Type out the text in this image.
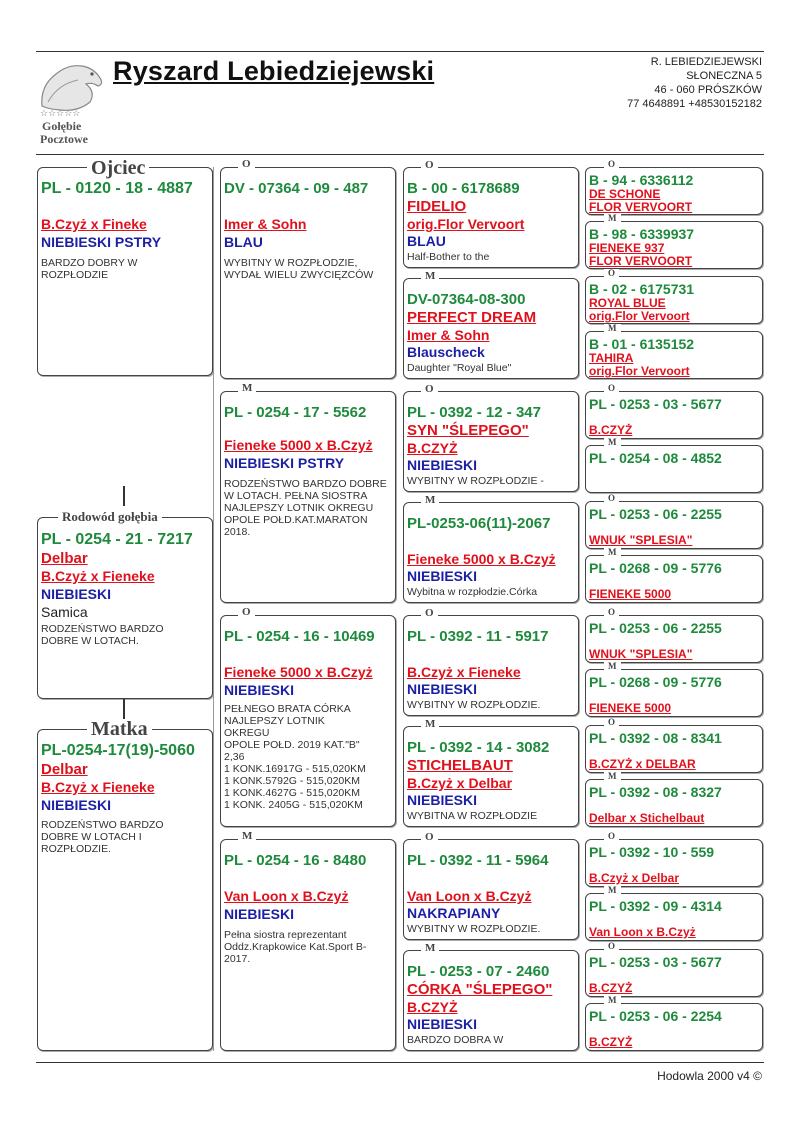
☆☆☆☆☆
Gołębie
Pocztowe
Ryszard Lebiedziejewski	R. LEBIEDZIEJEWSKI
SŁONECZNA 5
46 - 060 PRÓSZKÓW
77 4648891 +48530152182
PL - 0120 - 18 - 4887
B.Czyż x Fineke
NIEBIESKI PSTRY
BARDZO DOBRY W ROZPŁODZIE
Ojciec
PL - 0254 - 21 - 7217
Delbar
B.Czyż x Fieneke
NIEBIESKI
Samica
RODZEŃSTWO BARDZO DOBRE W LOTACH.
Rodowód gołębia
PL-0254-17(19)-5060
Delbar
B.Czyż x Fieneke
NIEBIESKI
RODZEŃSTWO BARDZO DOBRE W LOTACH I ROZPŁODZIE.
Matka
DV - 07364 - 09 - 487
Imer & Sohn
BLAU
WYBITNY W ROZPŁODZIE, WYDAŁ WIELU ZWYCIĘZCÓW
O
PL - 0254 - 17 - 5562
Fieneke 5000 x B.Czyż
NIEBIESKI PSTRY
RODZEŃSTWO BARDZO DOBRE W LOTACH. PEŁNA SIOSTRA NAJLEPSZY LOTNIK OKREGU OPOLE POŁD.KAT.MARATON 2018.
M
PL - 0254 - 16 - 10469
Fieneke 5000 x B.Czyż
NIEBIESKI
PEŁNEGO BRATA CÓRKA
NAJLEPSZY LOTNIK
OKREGU
OPOLE POŁD. 2019 KAT."B"
2,36
1 KONK.16917G - 515,020KM
1 KONK.5792G - 515,020KM
1 KONK.4627G - 515,020KM
1 KONK. 2405G - 515,020KM
O
PL - 0254 - 16 - 8480
Van Loon x B.Czyż
NIEBIESKI
Pełna siostra reprezentant Oddz.Krapkowice Kat.Sport B-2017.
M
B - 00 - 6178689
FIDELIO
orig.Flor Vervoort
BLAU
Half-Bother to the
O
DV-07364-08-300
PERFECT DREAM
Imer & Sohn
Blauscheck
Daughter "Royal Blue"
M
PL - 0392 - 12 - 347
SYN "ŚLEPEGO"
B.CZYŻ
NIEBIESKI
WYBITNY W ROZPŁODZIE -
O
PL-0253-06(11)-2067
Fieneke 5000 x B.Czyż
NIEBIESKI
Wybitna w rozpłodzie.Córka
M
PL - 0392 - 11 - 5917
B.Czyż x Fieneke
NIEBIESKI
WYBITNY W ROZPŁODZIE.
O
PL - 0392 - 14 - 3082
STICHELBAUT
B.Czyż x Delbar
NIEBIESKI
WYBITNA W ROZPŁODZIE
M
PL - 0392 - 11 - 5964
Van Loon x B.Czyż
NAKRAPIANY
WYBITNY W ROZPŁODZIE.
O
PL - 0253 - 07 - 2460
CÓRKA "ŚLEPEGO"
B.CZYŻ
NIEBIESKI
BARDZO DOBRA W
M
B - 94 - 6336112
DE SCHONE
FLOR VERVOORT
O
B - 98 - 6339937
FIENEKE 937
FLOR VERVOORT
M
B - 02 - 6175731
ROYAL BLUE
orig.Flor Vervoort
O
B - 01 - 6135152
TAHIRA
orig.Flor Vervoort
M
PL - 0253 - 03 - 5677
B.CZYŻ
O
PL - 0254 - 08 - 4852
M
PL - 0253 - 06 - 2255
WNUK "SPLESIA"
O
PL - 0268 - 09 - 5776
FIENEKE 5000
M
PL - 0253 - 06 - 2255
WNUK "SPLESIA"
O
PL - 0268 - 09 - 5776
FIENEKE 5000
M
PL - 0392 - 08 - 8341
B.CZYŻ x DELBAR
O
PL - 0392 - 08 - 8327
Delbar x Stichelbaut
M
PL - 0392 - 10 - 559
B.Czyż x Delbar
O
PL - 0392 - 09 - 4314
Van Loon x B.Czyż
M
PL - 0253 - 03 - 5677
B.CZYŻ
O
PL - 0253 - 06 - 2254
B.CZYŻ
M
Hodowla 2000 v4 ©
